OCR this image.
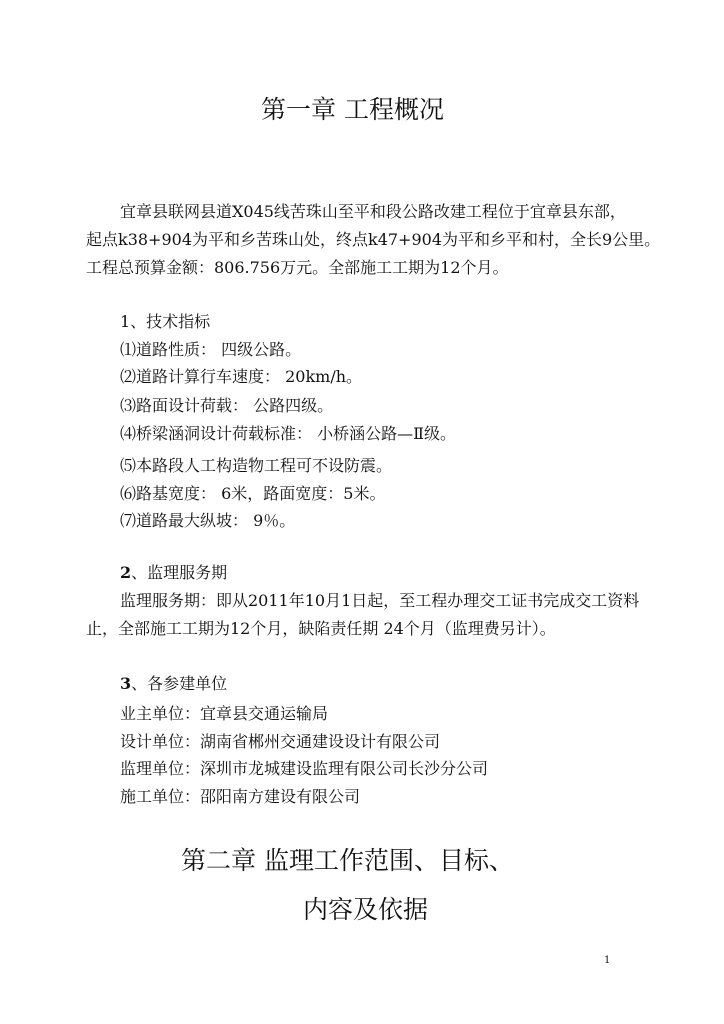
第一章 工程概况
宜章县联网县道X045线苦珠山至平和段公路改建工程位于宜章县东部，
起点k38+904为平和乡苦珠山处，终点k47+904为平和乡平和村，全长9公里。
工程总预算金额：806.756万元。全部施工工期为12个月。
1、技术指标
⑴道路性质： 四级公路。
⑵道路计算行车速度： 20km/h。
⑶路面设计荷载： 公路四级。
⑷桥梁涵洞设计荷载标准： 小桥涵公路—Ⅱ级。
⑸本路段人工构造物工程可不设防震。
⑹路基宽度： 6米，路面宽度：5米。
⑺道路最大纵坡： 9％。
2、监理服务期
监理服务期：即从2011年10月1日起，至工程办理交工证书完成交工资料
止，全部施工工期为12个月，缺陷责任期 24个月（监理费另计）。
3、各参建单位
业主单位：宜章县交通运输局
设计单位：湖南省郴州交通建设设计有限公司
监理单位：深圳市龙城建设监理有限公司长沙分公司
施工单位：邵阳南方建设有限公司
第二章 监理工作范围、目标、
内容及依据
1
